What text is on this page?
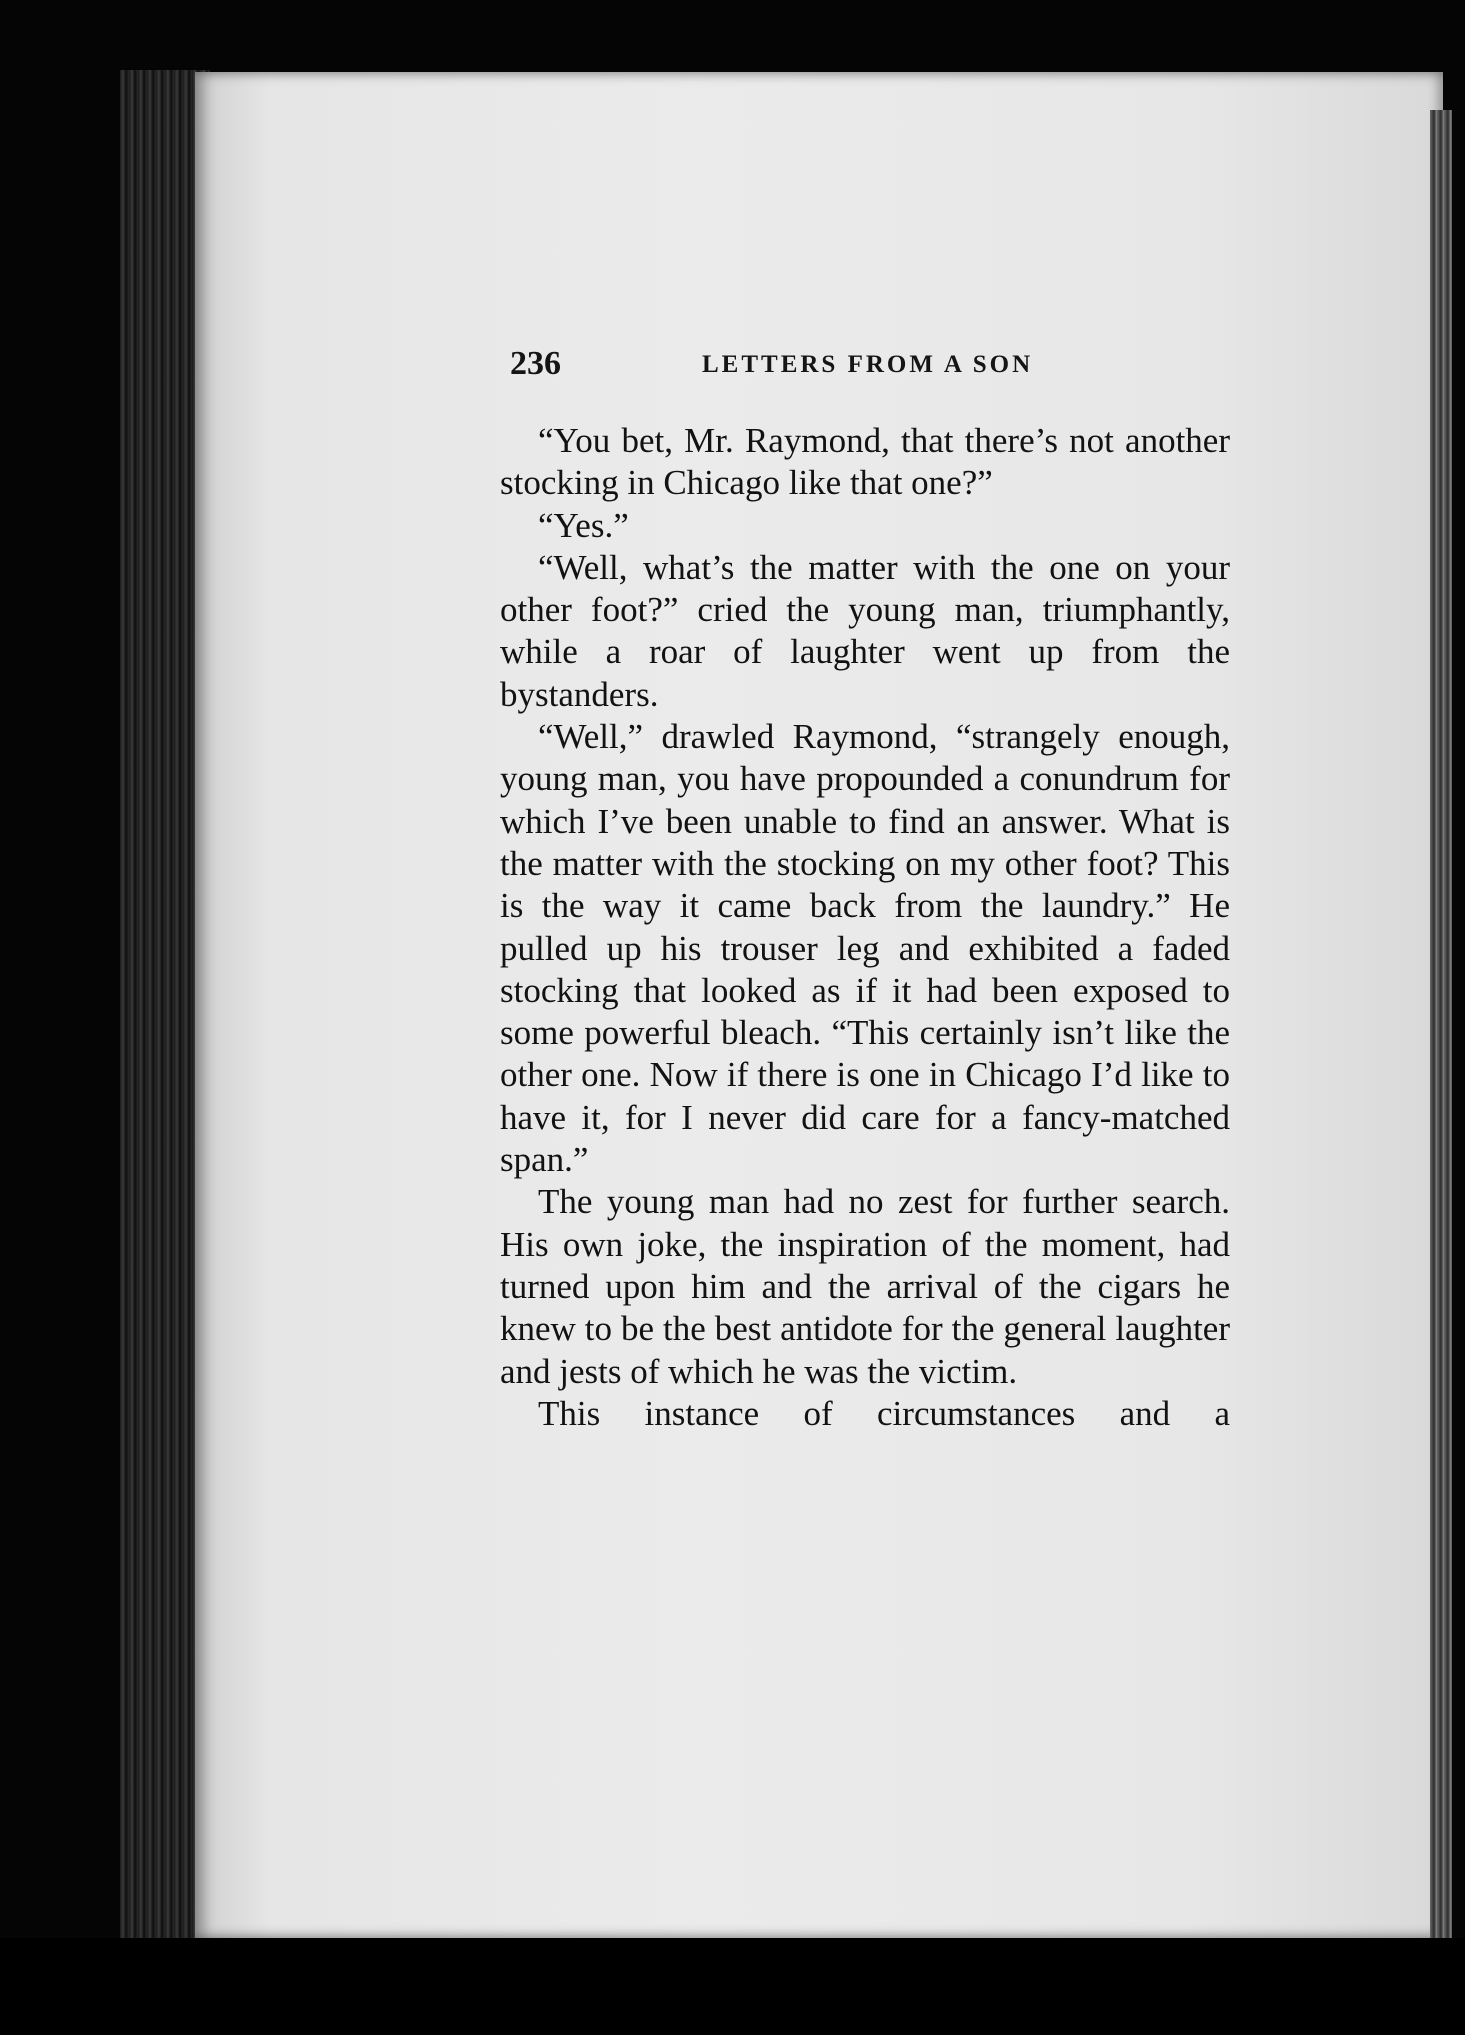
236	LETTERS FROM A SON

“You bet, Mr. Raymond, that there’s not another stocking in Chicago like that one?”

“Yes.”

“Well, what’s the matter with the one on your other foot?” cried the young man, triumphantly, while a roar of laughter went up from the bystanders.

“Well,” drawled Raymond, “strangely enough, young man, you have propounded a conundrum for which I’ve been unable to find an answer. What is the matter with the stocking on my other foot? This is the way it came back from the laundry.” He pulled up his trouser leg and exhibited a faded stocking that looked as if it had been exposed to some powerful bleach. “This certainly isn’t like the other one. Now if there is one in Chicago I’d like to have it, for I never did care for a fancy-matched span.”

The young man had no zest for further search. His own joke, the inspiration of the moment, had turned upon him and the arrival of the cigars he knew to be the best antidote for the general laughter and jests of which he was the victim.

This instance of circumstances and a
